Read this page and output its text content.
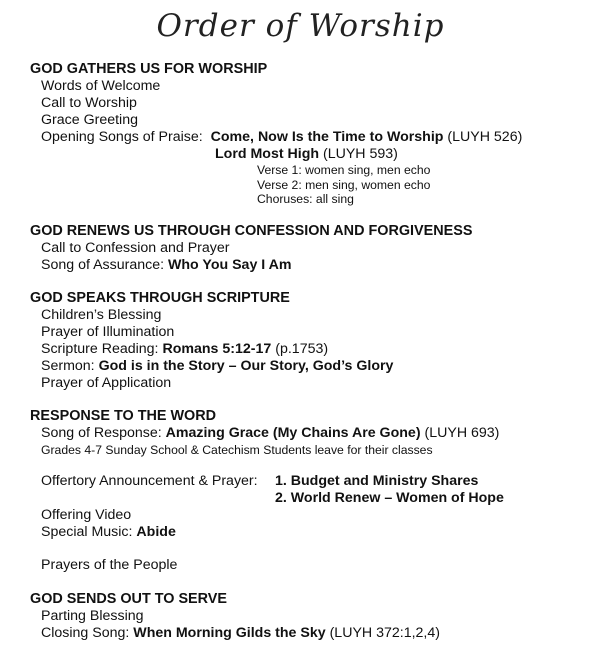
Order of Worship
GOD GATHERS US FOR WORSHIP
Words of Welcome
Call to Worship
Grace Greeting
Opening Songs of Praise: Come, Now Is the Time to Worship (LUYH 526)
Lord Most High (LUYH 593)
Verse 1: women sing, men echo
Verse 2: men sing, women echo
Choruses: all sing
GOD RENEWS US THROUGH CONFESSION AND FORGIVENESS
Call to Confession and Prayer
Song of Assurance: Who You Say I Am
GOD SPEAKS THROUGH SCRIPTURE
Children’s Blessing
Prayer of Illumination
Scripture Reading: Romans 5:12-17 (p.1753)
Sermon: God is in the Story – Our Story, God’s Glory
Prayer of Application
RESPONSE TO THE WORD
Song of Response: Amazing Grace (My Chains Are Gone) (LUYH 693)
Grades 4-7 Sunday School & Catechism Students leave for their classes
Offertory Announcement & Prayer: 1. Budget and Ministry Shares
2. World Renew – Women of Hope
Offering Video
Special Music: Abide
Prayers of the People
GOD SENDS OUT TO SERVE
Parting Blessing
Closing Song: When Morning Gilds the Sky (LUYH 372:1,2,4)
